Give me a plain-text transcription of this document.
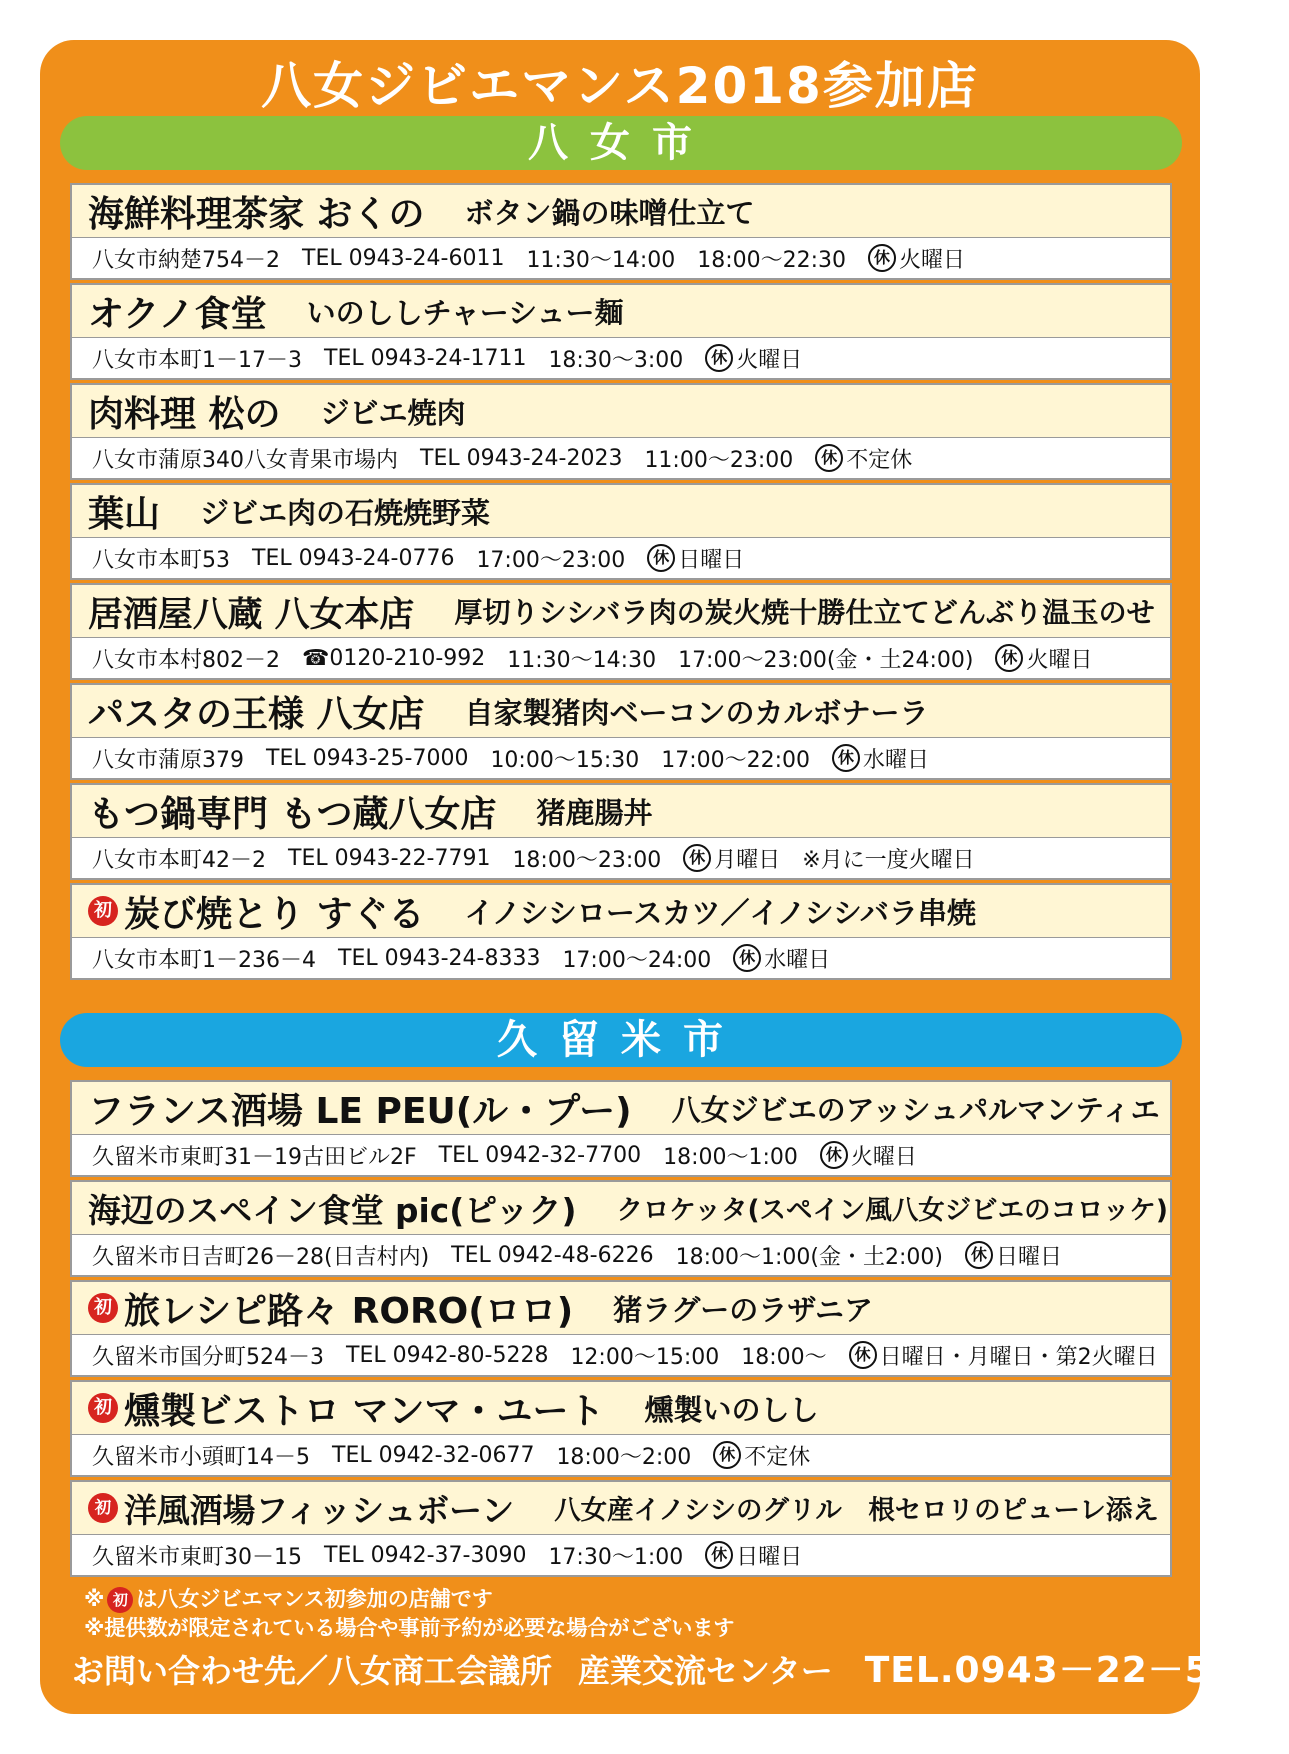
八女ジビエマンス2018参加店
八女市
海鮮料理茶家 おくの ボタン鍋の味噌仕立て
八女市納楚754－2 TEL 0943-24-6011 11:30～14:00　18:00～22:30	休 火曜日
オクノ食堂 いのししチャーシュー麺
八女市本町1－17－3 TEL 0943-24-1711 18:30～3:00	休 火曜日
肉料理 松の ジビエ焼肉
八女市蒲原340八女青果市場内 TEL 0943-24-2023 11:00～23:00	休 不定休
葉山 ジビエ肉の石焼焼野菜
八女市本町53 TEL 0943-24-0776 17:00～23:00	休 日曜日
居酒屋八蔵 八女本店 厚切りシシバラ肉の炭火焼十勝仕立てどんぶり温玉のせ
八女市本村802－2 ☎0120-210-992 11:30～14:30　17:00～23:00(金・土24:00)	休 火曜日
パスタの王様 八女店 自家製猪肉ベーコンのカルボナーラ
八女市蒲原379 TEL 0943-25-7000 10:00～15:30　17:00～22:00	休 水曜日
もつ鍋専門 もつ蔵八女店 猪鹿腸丼
八女市本町42－2 TEL 0943-22-7791 18:00～23:00	休 月曜日　※月に一度火曜日
初 炭び焼とり すぐる イノシシロースカツ／イノシシバラ串焼
八女市本町1－236－4 TEL 0943-24-8333 17:00～24:00	休 水曜日
久留米市
フランス酒場 LE PEU(ル・プー) 八女ジビエのアッシュパルマンティエ
久留米市東町31－19古田ビル2F TEL 0942-32-7700 18:00～1:00	休 火曜日
海辺のスペイン食堂 pic(ピック) クロケッタ(スペイン風八女ジビエのコロッケ)
久留米市日吉町26－28(日吉村内) TEL 0942-48-6226 18:00～1:00(金・土2:00)	休 日曜日
初 旅レシピ路々 RORO(ロロ) 猪ラグーのラザニア
久留米市国分町524－3 TEL 0942-80-5228 12:00～15:00　18:00～	休 日曜日・月曜日・第2火曜日
初 燻製ビストロ マンマ・ユート 燻製いのしし
久留米市小頭町14－5 TEL 0942-32-0677 18:00～2:00	休 不定休
初 洋風酒場フィッシュボーン 八女産イノシシのグリル　根セロリのピューレ添え
久留米市東町30－15 TEL 0942-37-3090 17:30～1:00	休 日曜日
※ 初 は八女ジビエマンス初参加の店舗です
※提供数が限定されている場合や事前予約が必要な場合がございます
お問い合わせ先／八女商工会議所 産業交流センター TEL.0943－22－5161
